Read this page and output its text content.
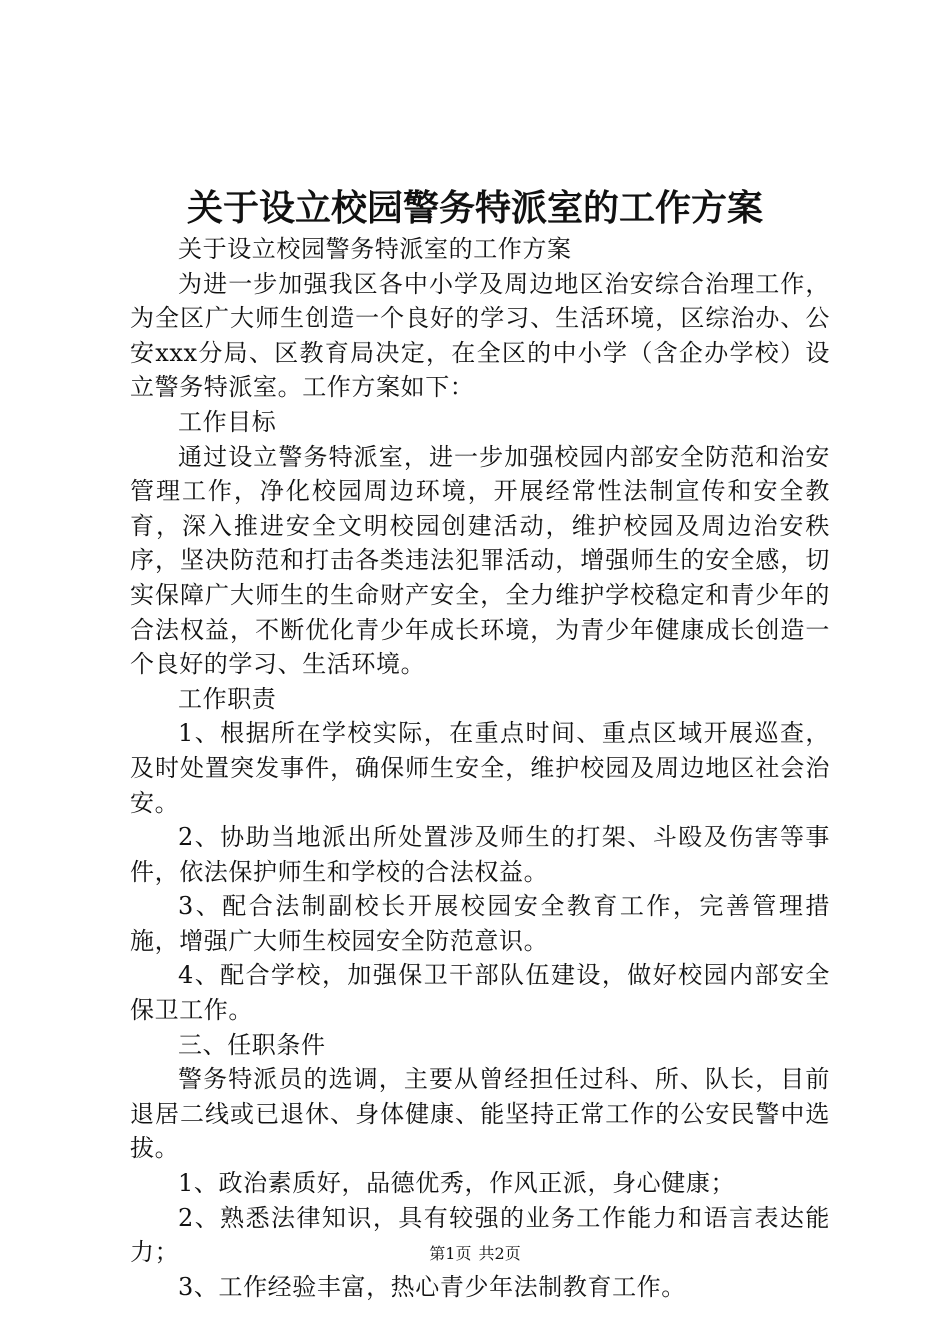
关于设立校园警务特派室的工作方案

关于设立校园警务特派室的工作方案

为进一步加强我区各中小学及周边地区治安综合治理工作，为全区广大师生创造一个良好的学习、生活环境，区综治办、公安xxx分局、区教育局决定，在全区的中小学（含企办学校）设立警务特派室。工作方案如下：

工作目标

通过设立警务特派室，进一步加强校园内部安全防范和治安管理工作，净化校园周边环境，开展经常性法制宣传和安全教育，深入推进安全文明校园创建活动，维护校园及周边治安秩序，坚决防范和打击各类违法犯罪活动，增强师生的安全感，切实保障广大师生的生命财产安全，全力维护学校稳定和青少年的合法权益，不断优化青少年成长环境，为青少年健康成长创造一个良好的学习、生活环境。

工作职责

1、根据所在学校实际，在重点时间、重点区域开展巡查，及时处置突发事件，确保师生安全，维护校园及周边地区社会治安。

2、协助当地派出所处置涉及师生的打架、斗殴及伤害等事件，依法保护师生和学校的合法权益。

3、配合法制副校长开展校园安全教育工作，完善管理措施，增强广大师生校园安全防范意识。

4、配合学校，加强保卫干部队伍建设，做好校园内部安全保卫工作。

三、任职条件

警务特派员的选调，主要从曾经担任过科、所、队长，目前退居二线或已退休、身体健康、能坚持正常工作的公安民警中选拔。

1、政治素质好，品德优秀，作风正派，身心健康；

2、熟悉法律知识，具有较强的业务工作能力和语言表达能力；

3、工作经验丰富，热心青少年法制教育工作。

第1页 共2页
